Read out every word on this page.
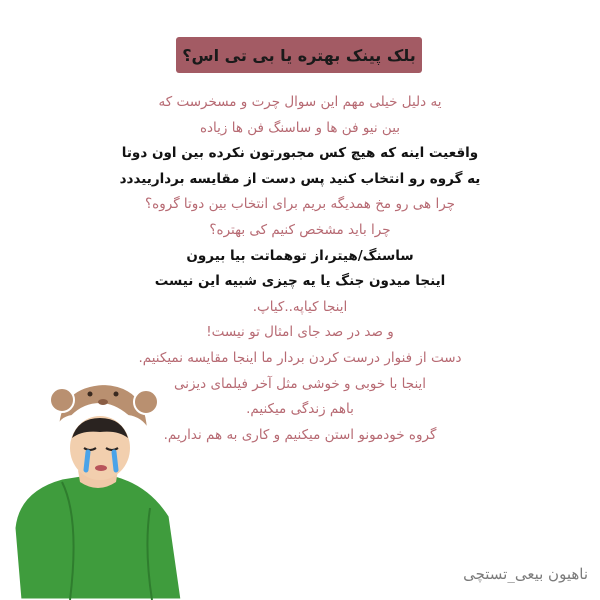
بلک پینک بهتره یا بی تی اس؟
یه دلیل خیلی مهم این سوال چرت و مسخرست که
بین نیو فن ها و ساسنگ فن ها زیاده
واقعیت اینه که هیچ کس مجبورتون نکرده بین اون دوتا
یه گروه رو انتخاب کنید پس دست از مقایسه بردارییددد
چرا هی رو مخ همدیگه بریم برای انتخاب بین دوتا گروه؟
چرا باید مشخص کنیم کی بهتره؟
ساسنگ/هیتر،از توهماتت بیا بیرون
اینجا میدون جنگ یا یه چیزی شبیه این نیست
اینجا کیاپه..کیاپ.
و صد در صد جای امثال تو نیست!
دست از فنوار درست کردن بردار ما اینجا مقایسه نمیکنیم.
اینجا با خوبی و خوشی مثل آخر فیلمای دیزنی
باهم زندگی میکنیم.
گروه خودمونو استن میکنیم و کاری به هم نداریم.
ناهیون بیعی_تستچی
